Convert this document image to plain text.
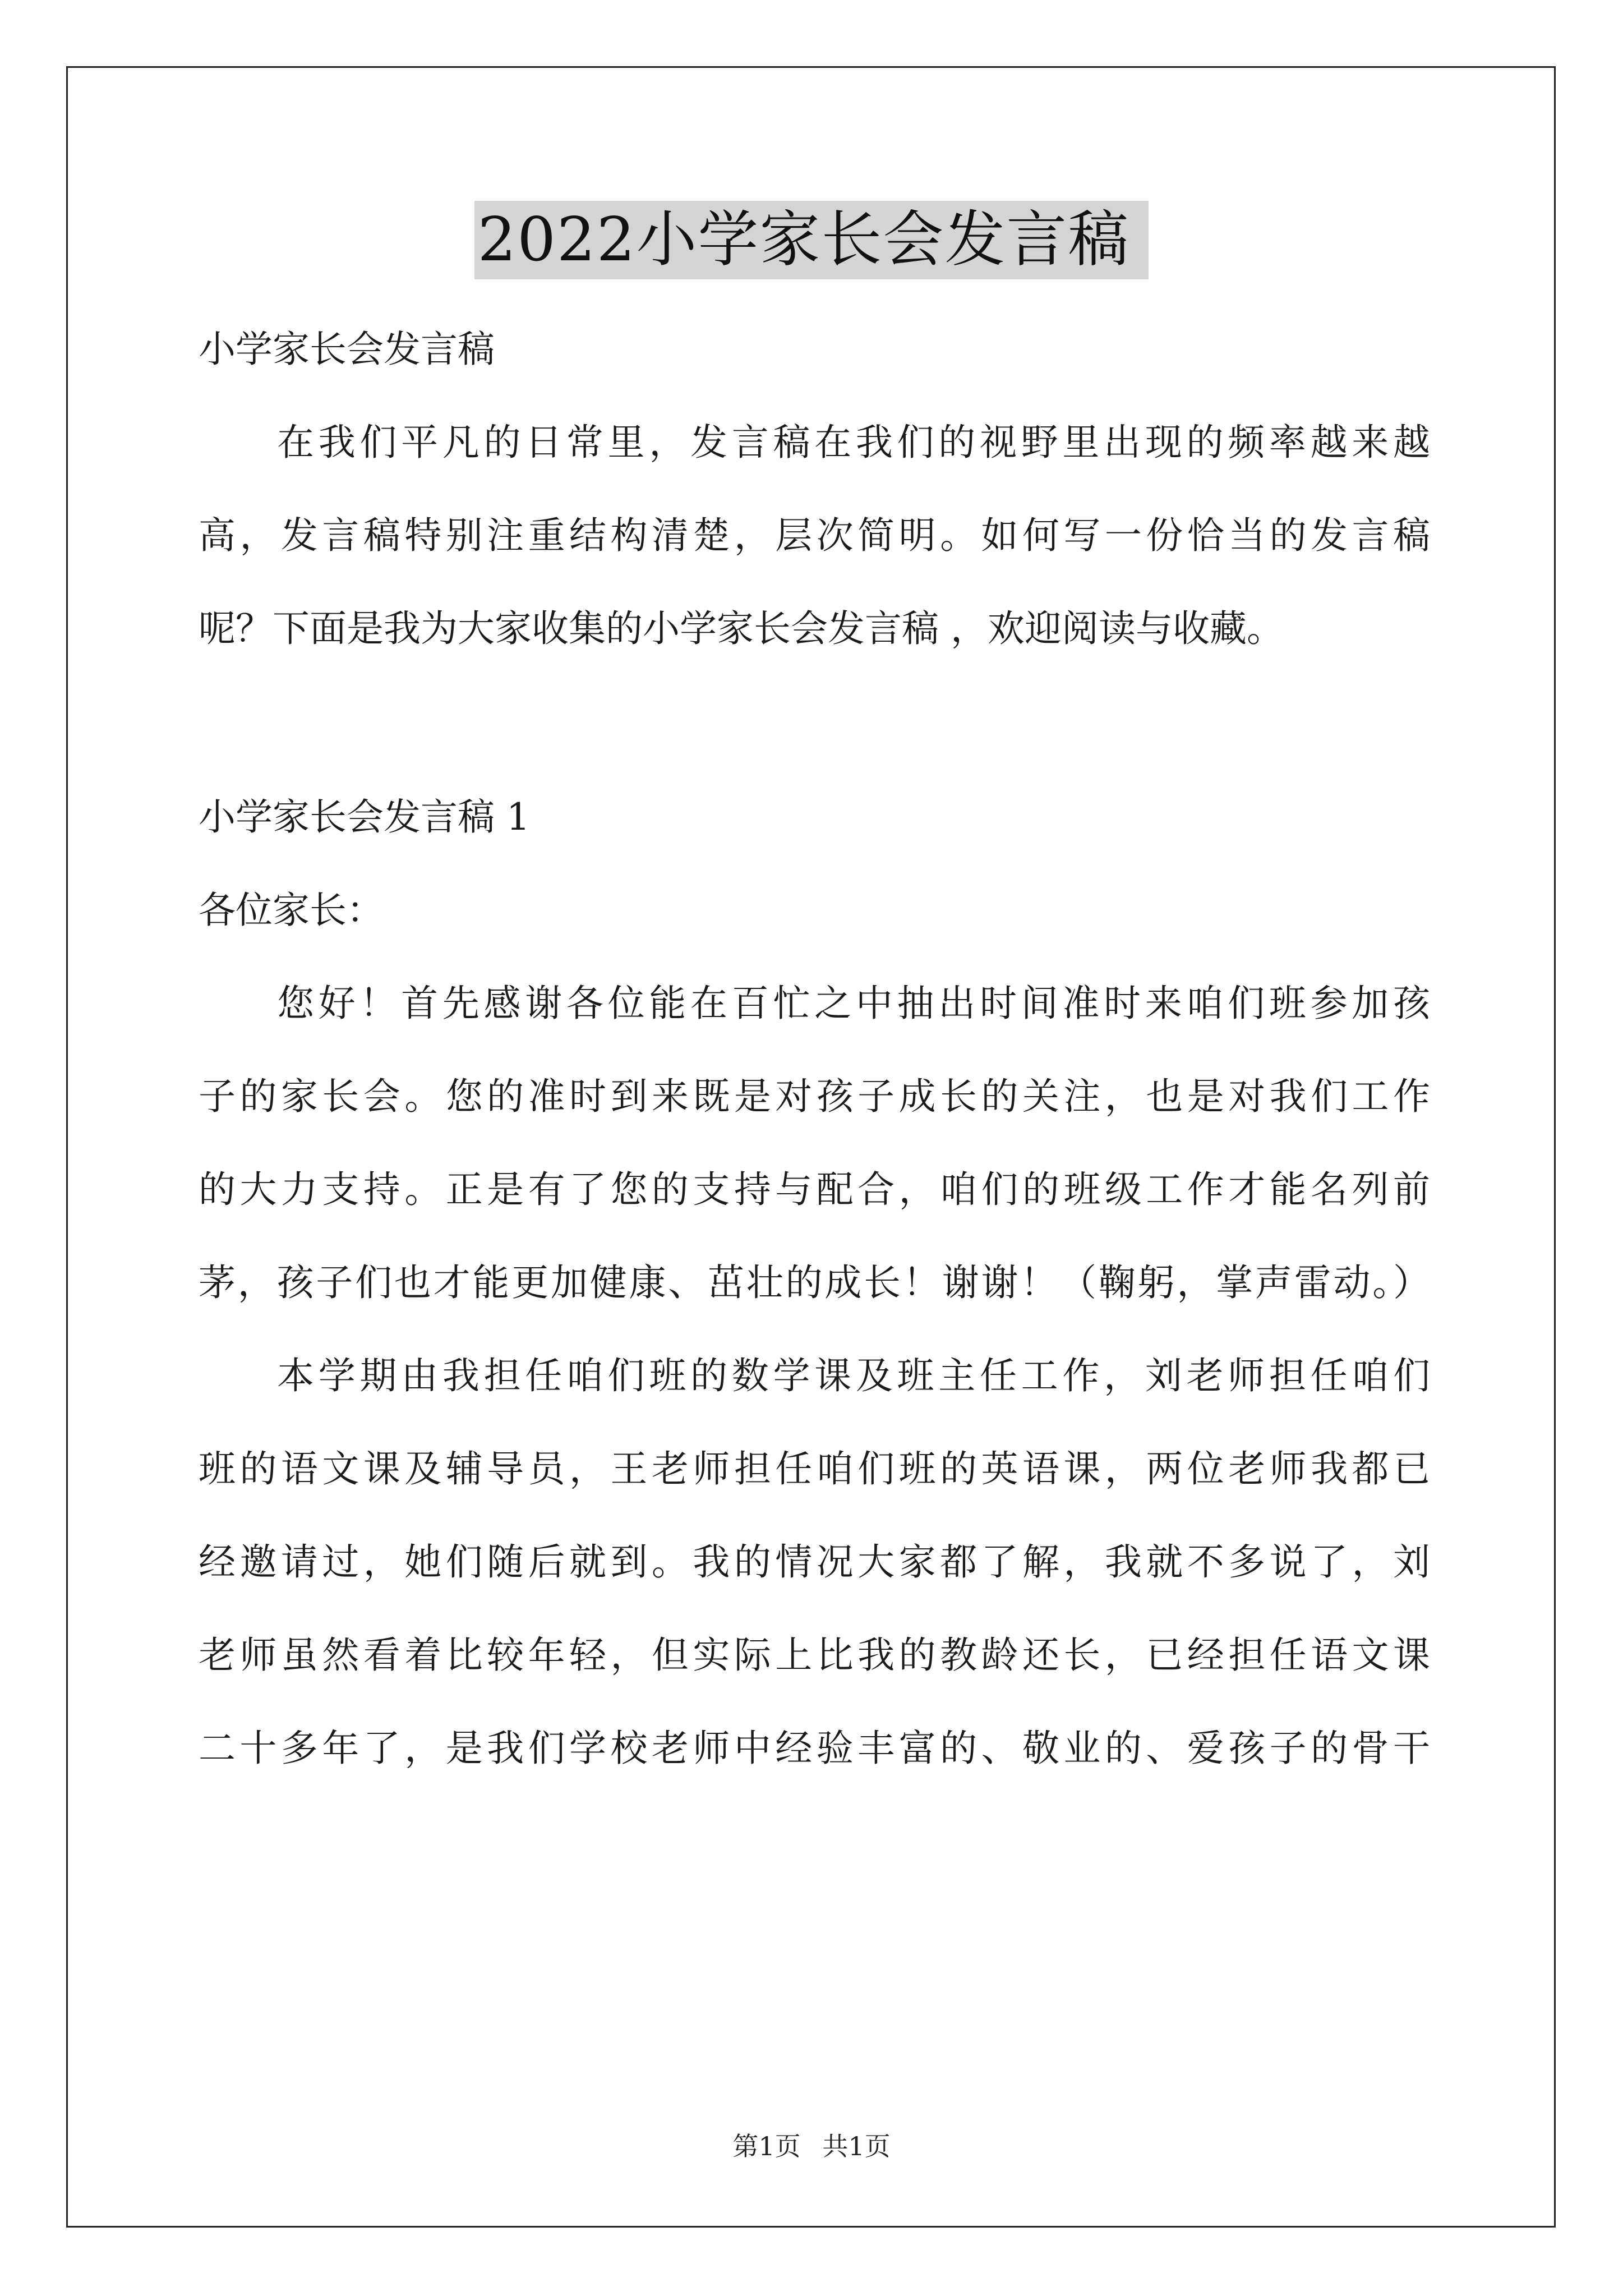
2022小学家长会发言稿
小学家长会发言稿
在我们平凡的日常里，发言稿在我们的视野里出现的频率越来越
高，发言稿特别注重结构清楚，层次简明。如何写一份恰当的发言稿
呢？下面是我为大家收集的小学家长会发言稿 ，欢迎阅读与收藏。
小学家长会发言稿 1
各位家长：
您好！首先感谢各位能在百忙之中抽出时间准时来咱们班参加孩
子的家长会。您的准时到来既是对孩子成长的关注，也是对我们工作
的大力支持。正是有了您的支持与配合，咱们的班级工作才能名列前
茅，孩子们也才能更加健康、茁壮的成长！谢谢！（鞠躬，掌声雷动。）
本学期由我担任咱们班的数学课及班主任工作，刘老师担任咱们
班的语文课及辅导员，王老师担任咱们班的英语课，两位老师我都已
经邀请过，她们随后就到。我的情况大家都了解，我就不多说了，刘
老师虽然看着比较年轻，但实际上比我的教龄还长，已经担任语文课
二十多年了，是我们学校老师中经验丰富的、敬业的、爱孩子的骨干
第1页 共1页
